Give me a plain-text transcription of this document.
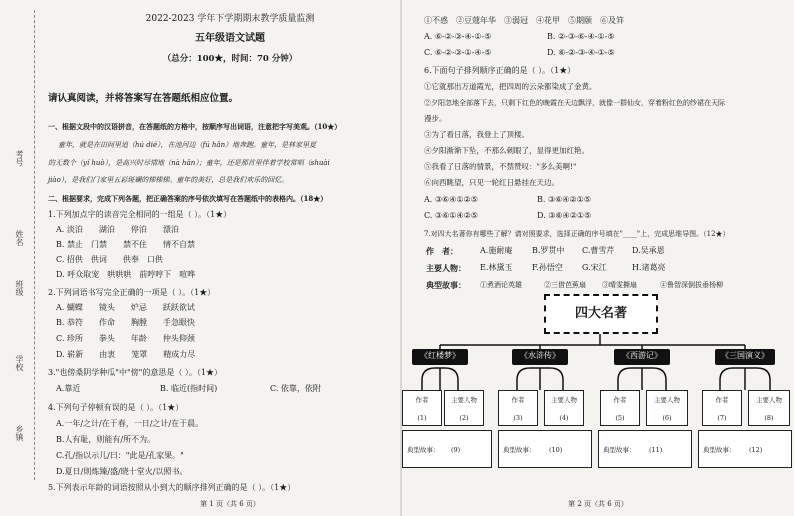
考号
姓名
班级
学校
乡镇
2022-2023 学年下学期期末教学质量监测
五年级语文试题
（总分：100★，时间：70 分钟）
请认真阅读，并将答案写在答题纸相应位置。
一、根据文段中的汉语拼音，在答题纸的方格中，按顺序写出词语，注意把字写美观。（10★）
童年，就是在田间里追（hú dié），在池河边（fú hǎn）地奔跑。童年，是林家里夏
的无数个（yí huò），是高兴时尽情地（nà hǎn）；童年，还是那首里伴着学校常唱（shuài
jiào），是我们门家里五彩斑斓的梯梯梯。童年的美好，总是我们欢乐的回忆。
二、根据要求，完成下列各题，把正确答案的序号依次填写在答题纸中的表格内。（18★）
1.下列加点字的读音完全相同的一组是（ ）。（1★）
A. 淡泊　　湖泊　　停泊　　漂泊
B. 禁止　门禁　　禁不住　　情不自禁
C. 招供　供词　　供奉　口供
D. 呼众取宠　哄哄哄　前哼哼下　喧哗
2.下列词语书写完全正确的一项是（ ）。（1★）
A. 蝴蝶　　镜头　　炉忌　　跃跃欲试
B. 恭符　　作命　　胸膛　　手急眼快
C. 珍所　　拳头　　年龄　　仲头仰颈
D. 崭新　　由衷　　笼罩　　精成力尽
3."也傍桑阴学种瓜"中"傍"的意思是（ ）。（1★）
A.靠近	B. 临近(指时间)	C. 依靠，依附
4.下列句子停顿有误的是（ ）。（1★）
A.一年/之计/在于春，一日/之计/在于晨。
B.人有耻，则能有/所不为。
C.孔/指以示儿/曰："此是/孔家果。"
D.夏日/則炼臻/盛/晓十堂火/以照书。
5.下列表示年龄的词语按照从小到大的顺序排列正确的是（ ）。（1★）
第 1 页（共 6 页）
①不惑　②豆蔻年华　③弱冠　④花甲　⑤期颐　⑥及笄
A. ⑥-②-③-④-①-⑤	B. ②-③-⑥-④-①-⑤
C. ⑥-②-③-①-④-⑤	D. ⑥-②-③-④-①-⑤
6.下面句子排列顺序正确的是（ ）。（1★）
①它就那出万道霞光，把四周的云朵都染成了金黄。
②夕阳忽地全部落下去，只剩下红色的晚霞在天边飘浮，就像一群仙女，穿着粉红色的纱裙在天际
漫步。
③为了看日落，我登上了顶楼。
④夕阳渐渐下坠，不那么刺眼了，显得更加红艳。
⑤我看了日落的情景，不禁赞叹："多么美啊!"
⑥向西眺望，只见一轮红日悬挂在天边。
A. ③⑥④①②⑤	B. ③⑥④②①⑤
C. ③⑥①④②⑤	D. ③⑥④②①⑤
7.对四大名著你有哪些了解？请对照要求，选择正确的序号填在"____"上，完成思维导图。（12★）
作　者：	A.施耐庵 B.罗贯中 C.曹雪芹 D.吴承恩
主要人物： E.林黛玉 F.孙悟空 G.宋江	H.诸葛亮
典型故事： ①煮酒论英雄	②三借芭蕉扇 ③晴雯撕扇	④鲁智深倒拔垂杨柳
四大名著
《红楼梦》	《水浒传》	《西游记》	《三国演义》
作者
(1)
主要人物
(2)
作者
(3)
主要人物
(4)
作者
(5)
主要人物
(6)
作者
(7)
主要人物
(8)
典型故事： (9)	典型故事： (10)	典型故事： (11)	典型故事： (12)
第 2 页（共 6 页）
